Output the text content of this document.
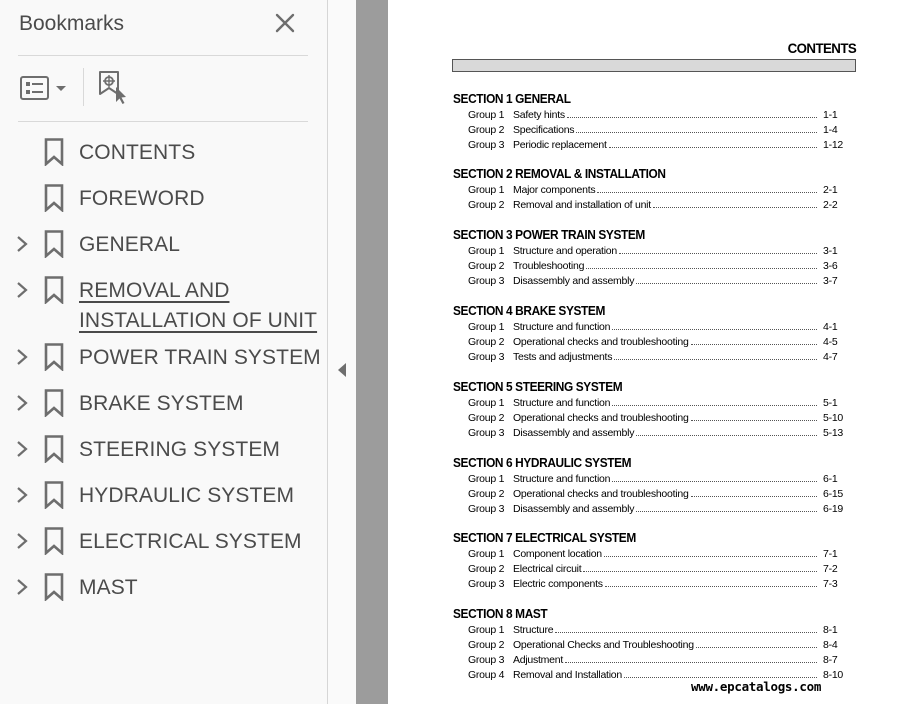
Bookmarks
CONTENTS
FOREWORD
GENERAL
REMOVAL AND
INSTALLATION OF UNIT
POWER TRAIN SYSTEM
BRAKE SYSTEM
STEERING SYSTEM
HYDRAULIC SYSTEM
ELECTRICAL SYSTEM
MAST
CONTENTS
SECTION 1 GENERAL
Group 1 Safety hints	1-1
Group 2 Specifications	1-4
Group 3 Periodic replacement	1-12
SECTION 2 REMOVAL & INSTALLATION
Group 1 Major components	2-1
Group 2 Removal and installation of unit	2-2
SECTION 3 POWER TRAIN SYSTEM
Group 1 Structure and operation	3-1
Group 2 Troubleshooting	3-6
Group 3 Disassembly and assembly	3-7
SECTION 4 BRAKE SYSTEM
Group 1 Structure and function	4-1
Group 2 Operational checks and troubleshooting	4-5
Group 3 Tests and adjustments	4-7
SECTION 5 STEERING SYSTEM
Group 1 Structure and function	5-1
Group 2 Operational checks and troubleshooting	5-10
Group 3 Disassembly and assembly	5-13
SECTION 6 HYDRAULIC SYSTEM
Group 1 Structure and function	6-1
Group 2 Operational checks and troubleshooting	6-15
Group 3 Disassembly and assembly	6-19
SECTION 7 ELECTRICAL SYSTEM
Group 1 Component location	7-1
Group 2 Electrical circuit	7-2
Group 3 Electric components	7-3
SECTION 8 MAST
Group 1 Structure	8-1
Group 2 Operational Checks and Troubleshooting	8-4
Group 3 Adjustment	8-7
Group 4 Removal and Installation	8-10
www.epcatalogs.com
